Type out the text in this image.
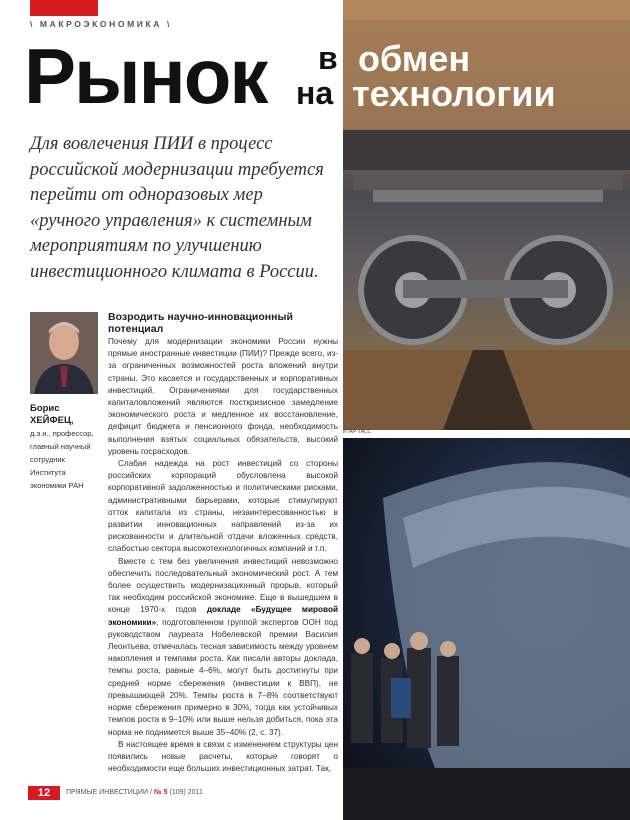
\ МАКРОЭКОНОМИКА \
ИТАР-ТАСС
Рынок в
на
обмен
технологии
Для вовлечения ПИИ в процесс российской модернизации требуется перейти от одноразовых мер «ручного управления» к системным мероприятиям по улучшению инвестиционного климата в России.
Борис ХЕЙФЕЦ,
д.э.н., профессор, главный научный сотрудник Института экономики РАН
Возродить научно-инновационный потенциал

Почему для модернизации экономики России нужны прямые иностранные инвестиции (ПИИ)? Прежде всего, из-за ограниченных возможностей роста вложений внутри страны. Это касается и государственных и корпоративных инвестиций. Ограничениями для государственных капиталовложений являются посткризисное замедление экономического роста и медленное их восстановление, дефицит бюджета и пенсионного фонда, необходимость выполнения взятых социальных обязательств, высокий уровень госрасходов.

Слабая надежда на рост инвестиций со стороны российских корпораций обусловлена высокой корпоративной задолженностью и политическими рисками, административными барьерами, которые стимулируют отток капитала из страны, незаинтересованностью в развитии инновационных направлений из-за их рискованности и длительной отдачи вложенных средств, слабостью сектора высокотехнологичных компаний и т.п.

Вместе с тем без увеличения инвестиций невозможно обеспечить последовательный экономический рост. А тем более осуществить модернизационный прорыв, который так необходим российской экономике. Еще в вышедшем в конце 1970-х годов докладе «Будущее мировой экономики», подготовленном группой экспертов ООН под руководством лауреата Нобелевской премии Василия Леонтьева, отмечалась тесная зависимость между уровнем накопления и темпами роста. Как писали авторы доклада, темпы роста, равные 4–6%, могут быть достигнуты при средней норме сбережения (инвестиции к ВВП), не превышающей 20%. Темпы роста в 7–8% соответствуют норме сбережения примерно в 30%, тогда как устойчивых темпов роста в 9–10% или выше нельзя добиться, пока эта норма не поднимется выше 35–40% (2, с. 37).

В настоящее время в связи с изменением структуры цен появились новые расчеты, которые говорят о необходимости еще больших инвестиционных затрат. Так,

12	ПРЯМЫЕ ИНВЕСТИЦИИ / № 5 (109) 2011
